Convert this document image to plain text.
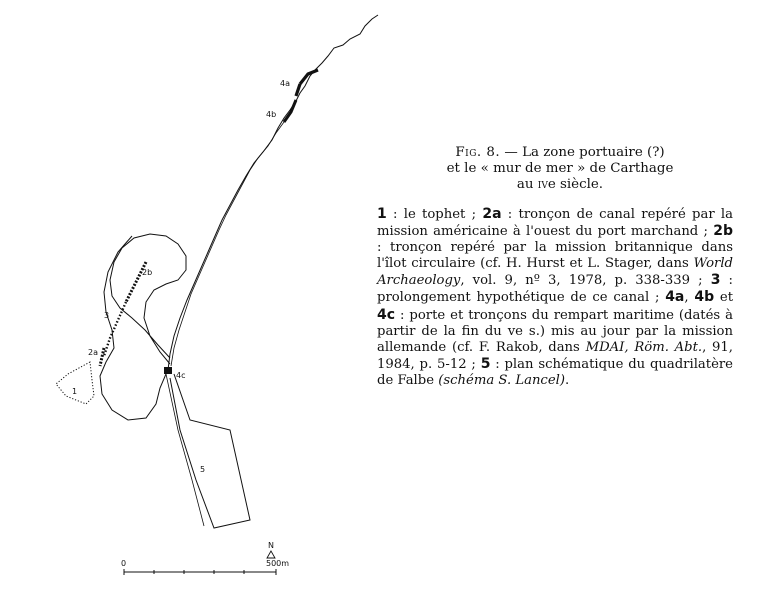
4a
4b
2b
3
2a
1
4c
5
N
0	500m
Fig. 8. — La zone portuaire (?)
et le « mur de mer » de Carthage
au ive siècle.
1 : le tophet ; 2a : tronçon de canal repéré par la mission américaine à l'ouest du port marchand ; 2b : tronçon repéré par la mission britannique dans l'îlot circulaire (cf. H. Hurst et L. Stager, dans World Archaeology, vol. 9, nº 3, 1978, p. 338-339 ; 3 : prolongement hypothétique de ce canal ; 4a, 4b et 4c : porte et tronçons du rempart maritime (datés à partir de la fin du ve s.) mis au jour par la mission allemande (cf. F. Rakob, dans MDAI, Röm. Abt., 91, 1984, p. 5-12 ; 5 : plan schématique du quadrilatère de Falbe (schéma S. Lancel).
